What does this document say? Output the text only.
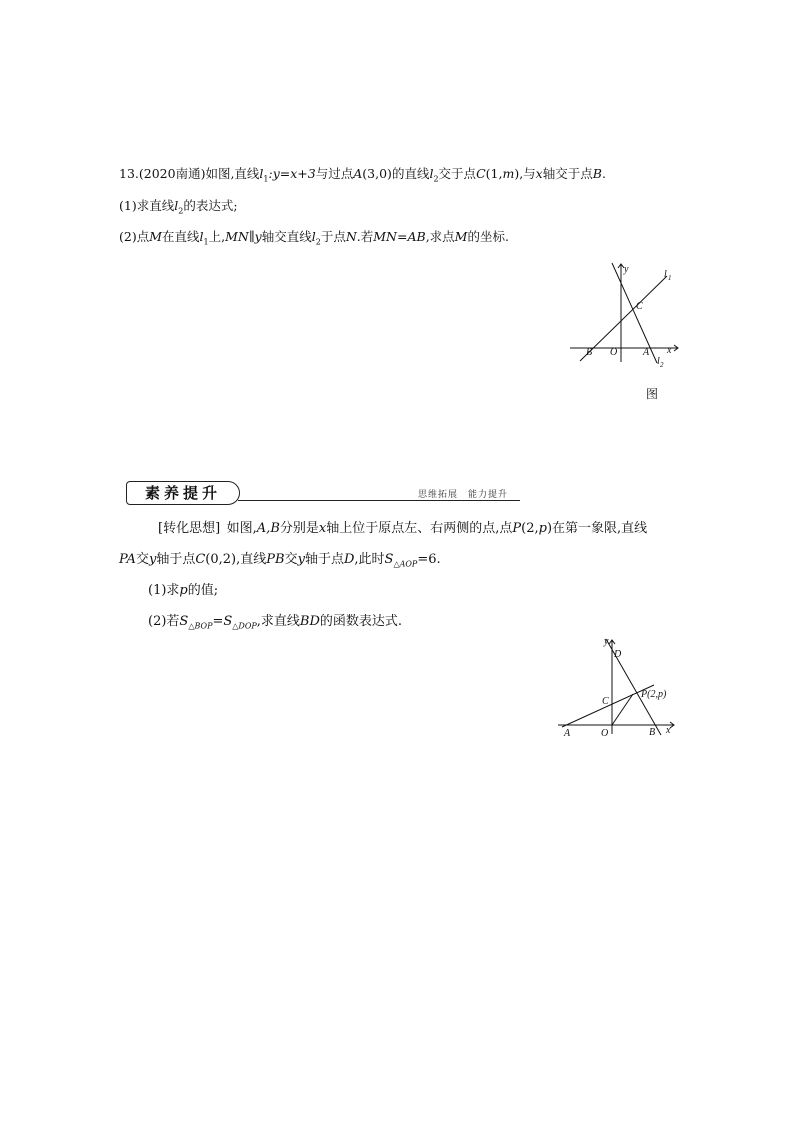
13.(2020南通)如图,直线$l_1:y=x+3$与过点A(3,0)的直线$l_2$交于点C(1,m),与x轴交于点B.
(1)求直线$l_2$的表达式;
(2)点M在直线$l_1$上,MN∥y轴交直线$l_2$于点N.若MN=AB,求点M的坐标.
y	l 1
C
B O	A x
l 2
图
素养提升	思维拓展　能力提升
[转化思想]  如图,A,B分别是x轴上位于原点左、右两侧的点,点P(2,p)在第一象限,直线
PA交y轴于点C(0,2),直线PB交y轴于点D,此时$S_{\triangle AOP}=6$.
(1)求p的值;
(2)若$S_{\triangle BOP}=S_{\triangle DOP}$,求直线BD的函数表达式.
y
D
C
P(2,p)
A	O	B x
